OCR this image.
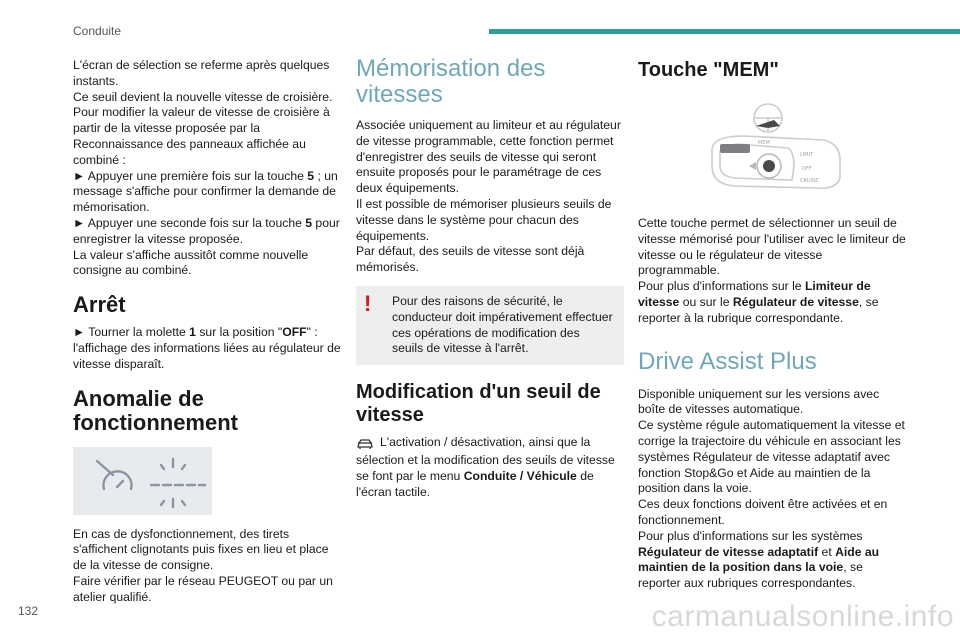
Conduite

L'écran de sélection se referme après quelques instants.

Ce seuil devient la nouvelle vitesse de croisière.

Pour modifier la valeur de vitesse de croisière à partir de la vitesse proposée par la Reconnaissance des panneaux affichée au combiné :

► Appuyer une première fois sur la touche 5 ; un message s'affiche pour confirmer la demande de mémorisation.

► Appuyer une seconde fois sur la touche 5 pour enregistrer la vitesse proposée.

La valeur s'affiche aussitôt comme nouvelle consigne au combiné.

Arrêt

► Tourner la molette 1 sur la position "OFF" : l'affichage des informations liées au régulateur de vitesse disparaît.

Anomalie de fonctionnement

En cas de dysfonctionnement, des tirets s'affichent clignotants puis fixes en lieu et place de la vitesse de consigne.

Faire vérifier par le réseau PEUGEOT ou par un atelier qualifié.

Mémorisation des vitesses

Associée uniquement au limiteur et au régulateur de vitesse programmable, cette fonction permet d'enregistrer des seuils de vitesse qui seront ensuite proposés pour le paramétrage de ces deux équipements.

Il est possible de mémoriser plusieurs seuils de vitesse dans le système pour chacun des équipements.

Par défaut, des seuils de vitesse sont déjà mémorisés.

!	Pour des raisons de sécurité, le conducteur doit impérativement effectuer ces opérations de modification des seuils de vitesse à l'arrêt.

Modification d'un seuil de vitesse

L'activation / désactivation, ainsi que la sélection et la modification des seuils de vitesse se font par le menu Conduite / Véhicule de l'écran tactile.

Touche "MEM"
LIMIT
OFF
CRUISE
MEM

Cette touche permet de sélectionner un seuil de vitesse mémorisé pour l'utiliser avec le limiteur de vitesse ou le régulateur de vitesse programmable.

Pour plus d'informations sur le Limiteur de vitesse ou sur le Régulateur de vitesse, se reporter à la rubrique correspondante.

Drive Assist Plus

Disponible uniquement sur les versions avec boîte de vitesses automatique.

Ce système régule automatiquement la vitesse et corrige la trajectoire du véhicule en associant les systèmes Régulateur de vitesse adaptatif avec fonction Stop&Go et Aide au maintien de la position dans la voie.

Ces deux fonctions doivent être activées et en fonctionnement.

Pour plus d'informations sur les systèmes Régulateur de vitesse adaptatif et Aide au maintien de la position dans la voie, se reporter aux rubriques correspondantes.

132	carmanualsonline.info
